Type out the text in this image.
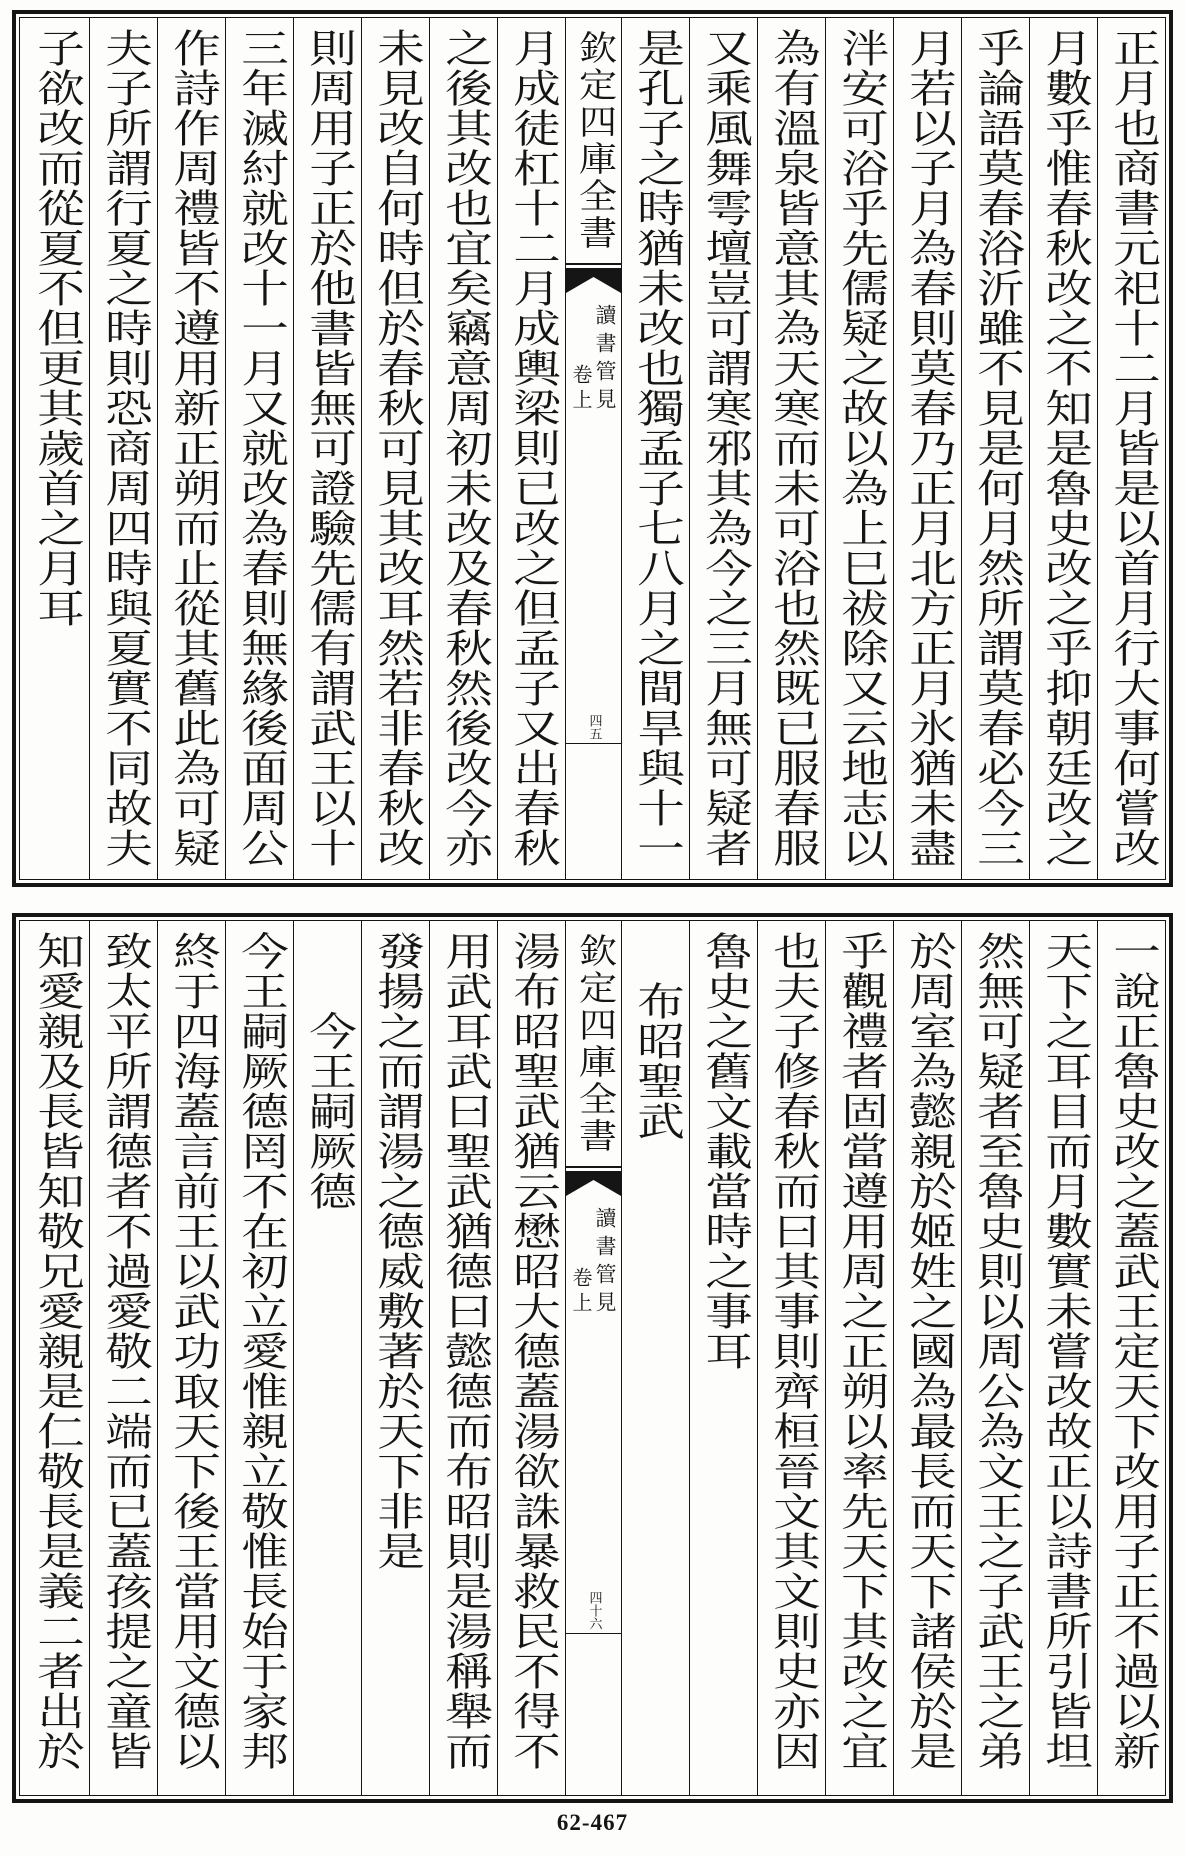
正月也商書元祀十二月皆是以首月行大事何嘗改
月數乎惟春秋改之不知是魯史改之乎抑朝廷改之
乎論語莫春浴沂雖不見是何月然所謂莫春必今三
月若以子月為春則莫春乃正月北方正月氷猶未盡
泮安可浴乎先儒疑之故以為上巳祓除又云地志以
為有溫泉皆意其為天寒而未可浴也然既已服春服
又乘風舞雩壇豈可謂寒邪其為今之三月無可疑者
是孔子之時猶未改也獨孟子七八月之間旱與十一
欽定四庫全書
讀書管見
卷上
四五
月成徒杠十二月成輿梁則已改之但孟子又出春秋
之後其改也宜矣竊意周初未改及春秋然後改今亦
未見改自何時但於春秋可見其改耳然若非春秋改
則周用子正於他書皆無可證驗先儒有謂武王以十
三年滅紂就改十一月又就改為春則無緣後面周公
作詩作周禮皆不遵用新正朔而止從其舊此為可疑
夫子所謂行夏之時則恐商周四時與夏實不同故夫
子欲改而從夏不但更其歲首之月耳
一說正魯史改之蓋武王定天下改用子正不過以新
天下之耳目而月數實未嘗改故正以詩書所引皆坦
然無可疑者至魯史則以周公為文王之子武王之弟
於周室為懿親於姬姓之國為最長而天下諸侯於是
乎觀禮者固當遵用周之正朔以率先天下其改之宜
也夫子修春秋而曰其事則齊桓晉文其文則史亦因
魯史之舊文載當時之事耳
布昭聖武
欽定四庫全書
讀書管見
卷上
四十六
湯布昭聖武猶云懋昭大德蓋湯欲誅暴救民不得不
用武耳武曰聖武猶德曰懿德而布昭則是湯稱舉而
發揚之而謂湯之德威敷著於天下非是
今王嗣厥德
今王嗣厥德罔不在初立愛惟親立敬惟長始于家邦
終于四海蓋言前王以武功取天下後王當用文德以
致太平所謂德者不過愛敬二端而已蓋孩提之童皆
知愛親及長皆知敬兄愛親是仁敬長是義二者出於
62-467
